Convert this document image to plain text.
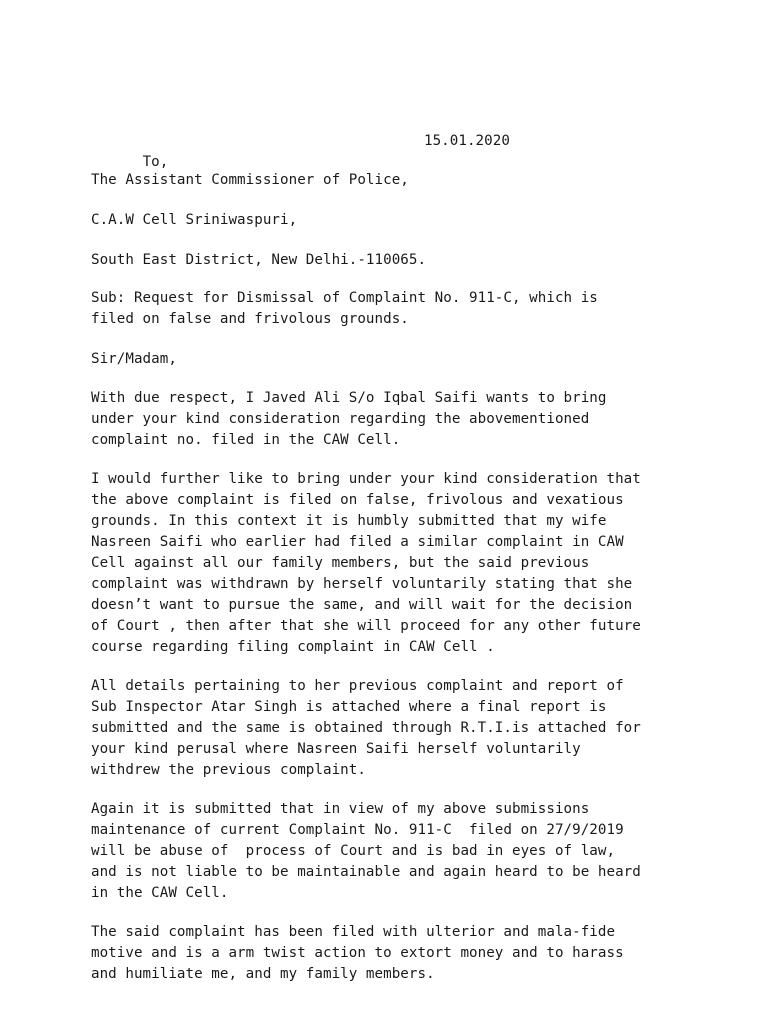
To,

15.01.2020

The Assistant Commissioner of Police,

C.A.W Cell Sriniwaspuri,

South East District, New Delhi.-110065.

Sub: Request for Dismissal of Complaint No. 911-C, which is

filed on false and frivolous grounds.

Sir/Madam,

With due respect, I Javed Ali S/o Iqbal Saifi wants to bring

under your kind consideration regarding the abovementioned

complaint no. filed in the CAW Cell.

I would further like to bring under your kind consideration that

the above complaint is filed on false, frivolous and vexatious

grounds. In this context it is humbly submitted that my wife

Nasreen Saifi who earlier had filed a similar complaint in CAW

Cell against all our family members, but the said previous

complaint was withdrawn by herself voluntarily stating that she

doesn’t want to pursue the same, and will wait for the decision

of Court , then after that she will proceed for any other future

course regarding filing complaint in CAW Cell .

All details pertaining to her previous complaint and report of

Sub Inspector Atar Singh is attached where a final report is

submitted and the same is obtained through R.T.I.is attached for

your kind perusal where Nasreen Saifi herself voluntarily

withdrew the previous complaint.

Again it is submitted that in view of my above submissions

maintenance of current Complaint No. 911-C  filed on 27/9/2019

will be abuse of  process of Court and is bad in eyes of law,

and is not liable to be maintainable and again heard to be heard

in the CAW Cell.

The said complaint has been filed with ulterior and mala-fide

motive and is a arm twist action to extort money and to harass

and humiliate me, and my family members.
